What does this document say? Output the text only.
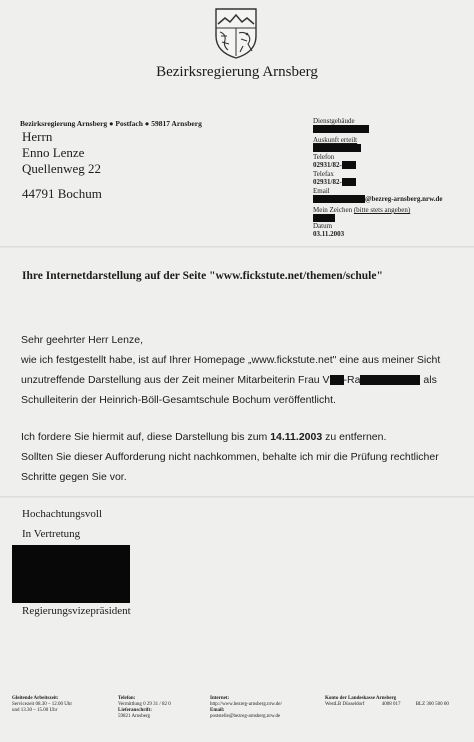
Bezirksregierung Arnsberg
Bezirksregierung Arnsberg ● Postfach ● 59817 Arnsberg
Herrn
Enno Lenze
Quellenweg 22
44791 Bochum
Dienstgebäude
Auskunft erteilt
Telefon
02931/82-
Telefax
02931/82-
Email
@bezreg-arnsberg.nrw.de
Mein Zeichen (bitte stets angeben)
Datum
03.11.2003
Ihre Internetdarstellung auf der Seite "www.fickstute.net/themen/schule"
Sehr geehrter Herr Lenze,
wie ich festgestellt habe, ist auf Ihrer Homepage „www.fickstute.net" eine aus meiner Sicht
unzutreffende Darstellung aus der Zeit meiner Mitarbeiterin Frau V -Ra	als
Schulleiterin der Heinrich-Böll-Gesamtschule Bochum veröffentlicht.
Ich fordere Sie hiermit auf, diese Darstellung bis zum 14.11.2003 zu entfernen.
Sollten Sie dieser Aufforderung nicht nachkommen, behalte ich mir die Prüfung rechtlicher
Schritte gegen Sie vor.
Hochachtungsvoll
In Vertretung
Regierungsvizepräsident
Gleitende Arbeitszeit:
Servicezeit 08.30 – 12.00 Uhr
und 13.30 – 15.00 Uhr
Telefon:
Vermittlung 0 29 31 / 82 0
Lieferanschrift:
59821 Arnsberg
Internet:
http://www.bezreg-arnsberg.nrw.de/
Email:
poststelle@bezreg-arnsberg.nrw.de
Konto der Landeskasse Arnsberg
WestLB Düsseldorf	4008 017	BLZ 300 500 00
